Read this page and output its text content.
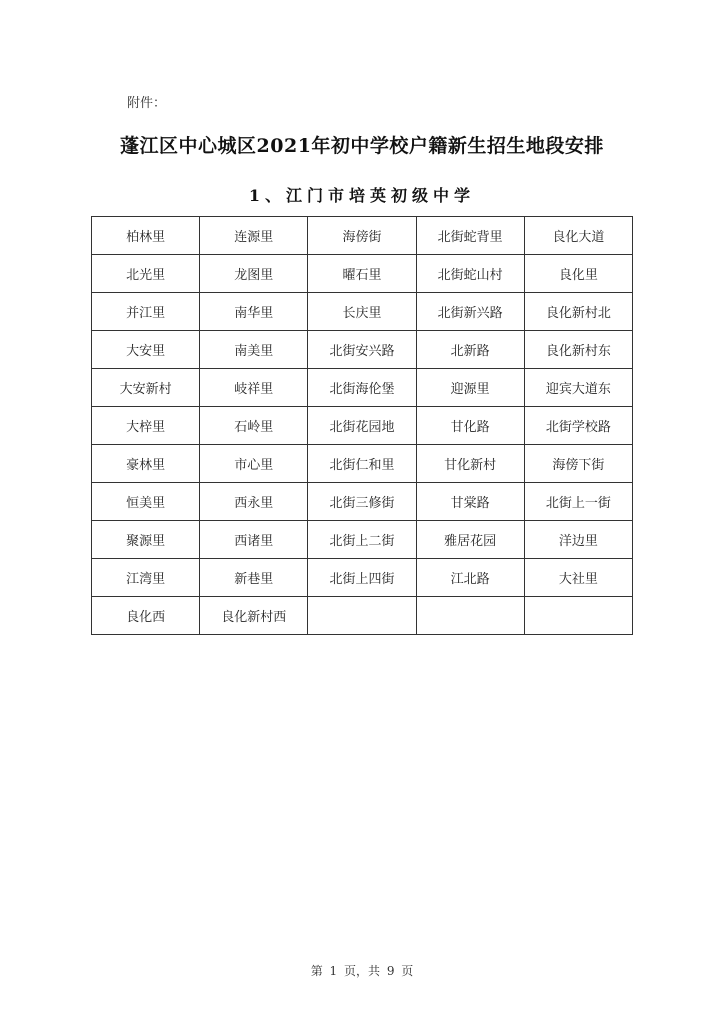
附件：
蓬江区中心城区2021年初中学校户籍新生招生地段安排
1、江门市培英初级中学
柏林里	连源里	海傍街	北街蛇背里	良化大道
北光里	龙图里	曜石里	北街蛇山村	良化里
并江里	南华里	长庆里	北街新兴路	良化新村北
大安里	南美里	北街安兴路	北新路	良化新村东
大安新村	岐祥里	北街海伦堡	迎源里	迎宾大道东
大梓里	石岭里	北街花园地	甘化路	北街学校路
豪林里	市心里	北街仁和里	甘化新村	海傍下街
恒美里	西永里	北街三修街	甘棠路	北街上一街
聚源里	西诸里	北街上二街	雅居花园	洋边里
江湾里	新巷里	北街上四街	江北路	大社里
良化西	良化新村西			
第 1 页，共 9 页
